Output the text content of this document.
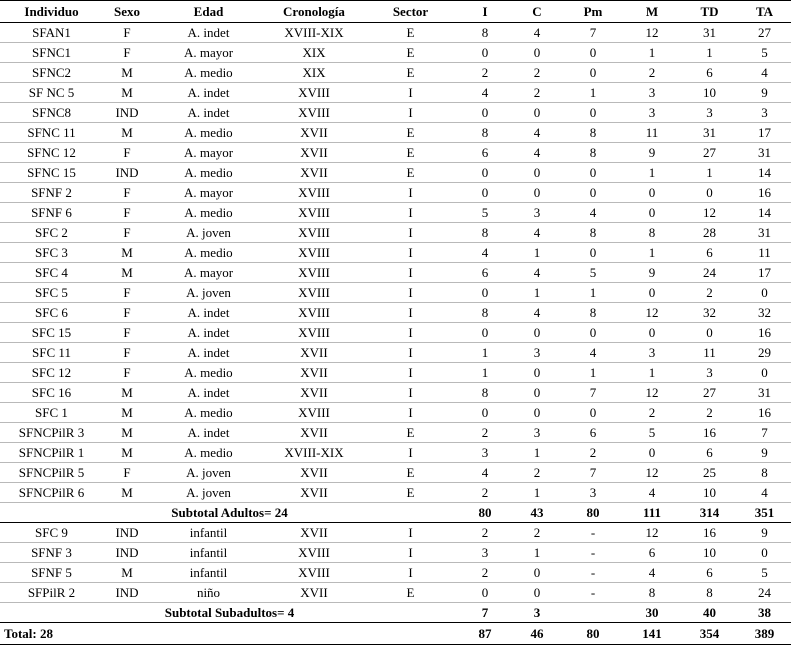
Individuo	Sexo	Edad	Cronología	Sector	I	C	Pm	M	TD	TA
SFAN1	F	A. indet	XVIII-XIX	E	8	4	7	12	31	27
SFNC1	F	A. mayor	XIX	E	0	0	0	1	1	5
SFNC2	M	A. medio	XIX	E	2	2	0	2	6	4
SF NC 5	M	A. indet	XVIII	I	4	2	1	3	10	9
SFNC8	IND	A. indet	XVIII	I	0	0	0	3	3	3
SFNC 11	M	A. medio	XVII	E	8	4	8	11	31	17
SFNC 12	F	A. mayor	XVII	E	6	4	8	9	27	31
SFNC 15	IND	A. medio	XVII	E	0	0	0	1	1	14
SFNF 2	F	A. mayor	XVIII	I	0	0	0	0	0	16
SFNF 6	F	A. medio	XVIII	I	5	3	4	0	12	14
SFC 2	F	A. joven	XVIII	I	8	4	8	8	28	31
SFC 3	M	A. medio	XVIII	I	4	1	0	1	6	11
SFC 4	M	A. mayor	XVIII	I	6	4	5	9	24	17
SFC 5	F	A. joven	XVIII	I	0	1	1	0	2	0
SFC 6	F	A. indet	XVIII	I	8	4	8	12	32	32
SFC 15	F	A. indet	XVIII	I	0	0	0	0	0	16
SFC 11	F	A. indet	XVII	I	1	3	4	3	11	29
SFC 12	F	A. medio	XVII	I	1	0	1	1	3	0
SFC 16	M	A. indet	XVII	I	8	0	7	12	27	31
SFC 1	M	A. medio	XVIII	I	0	0	0	2	2	16
SFNCPilR 3	M	A. indet	XVII	E	2	3	6	5	16	7
SFNCPilR 1	M	A. medio	XVIII-XIX	I	3	1	2	0	6	9
SFNCPilR 5	F	A. joven	XVII	E	4	2	7	12	25	8
SFNCPilR 6	M	A. joven	XVII	E	2	1	3	4	10	4
Subtotal Adultos= 24					80	43	80	111	314	351
SFC 9	IND	infantil	XVII	I	2	2	-	12	16	9
SFNF 3	IND	infantil	XVIII	I	3	1	-	6	10	0
SFNF 5	M	infantil	XVIII	I	2	0	-	4	6	5
SFPilR 2	IND	niño	XVII	E	0	0	-	8	8	24
Subtotal Subadultos= 4					7	3		30	40	38
Total: 28					87	46	80	141	354	389
